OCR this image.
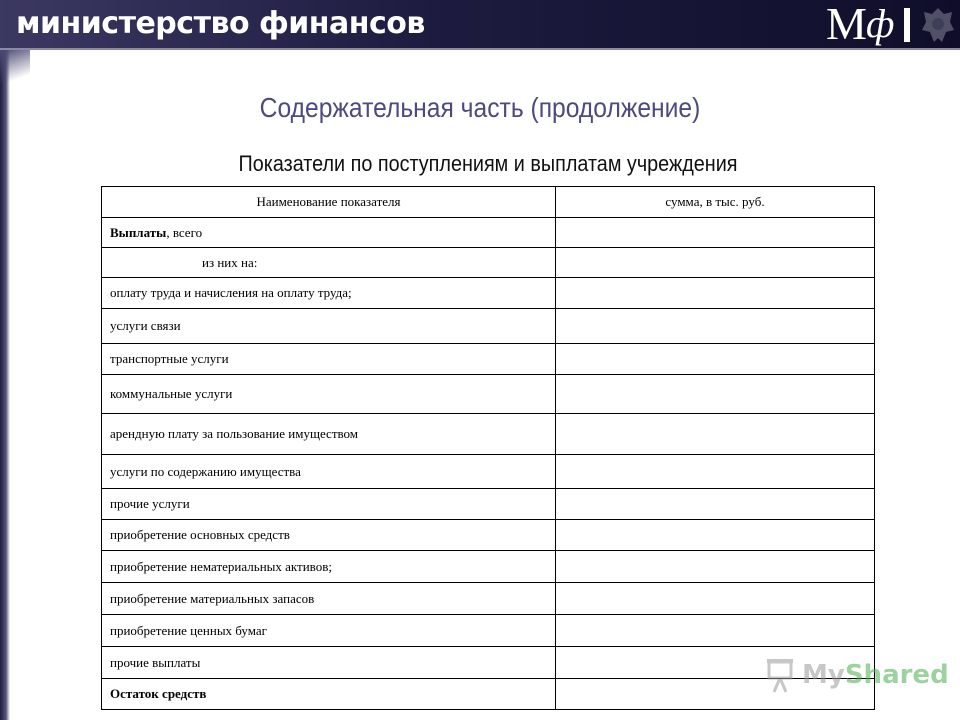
министерство финансов	М ф
Содержательная часть (продолжение)
Показатели по поступлениям и выплатам учреждения
Наименование показателя	сумма, в тыс. руб.
Выплаты, всего	
из них на:	
оплату труда и начисления на оплату труда;	
услуги связи	
транспортные услуги	
коммунальные услуги	
арендную плату за пользование имуществом	
услуги по содержанию имущества	
прочие услуги	
приобретение основных средств	
приобретение нематериальных активов;	
приобретение материальных запасов	
приобретение ценных бумаг	
прочие выплаты	
Остаток средств	
MyShared
